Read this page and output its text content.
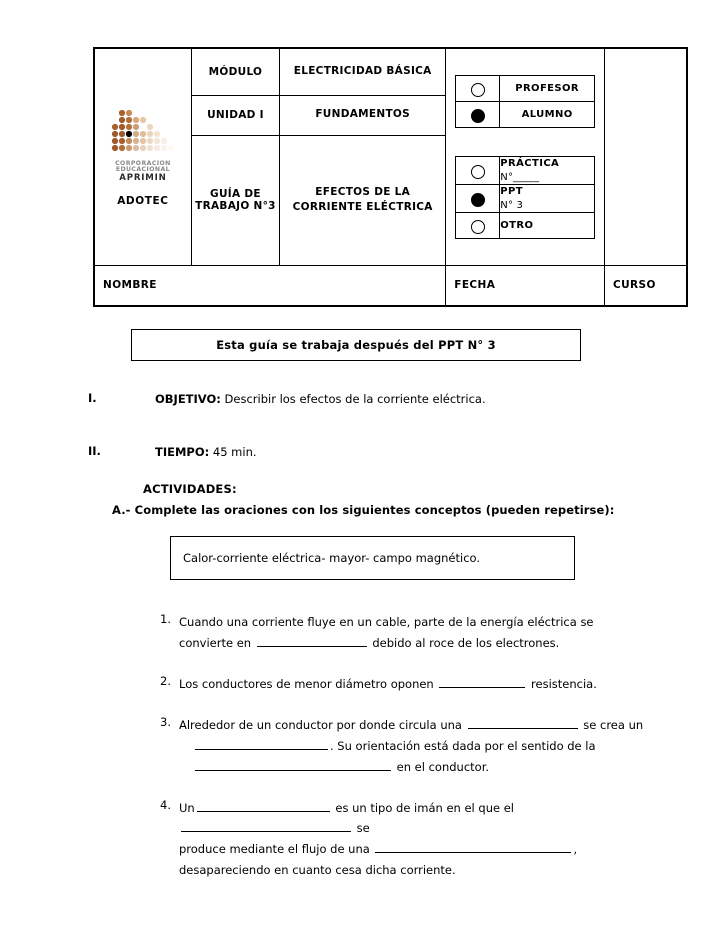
CORPORACION
EDUCACIONAL
APRIMIN
ADOTEC
	MÓDULO	ELECTRICIDAD BÁSICA	
	PROFESOR
	ALUMNO

PRÁCTICA
N°_____

PPT
N° 3

OTRO

UNIDAD I	FUNDAMENTOS
GUÍA DE TRABAJO N°3	EFECTOS DE LA CORRIENTE ELÉCTRICA
NOMBRE	FECHA	CURSO
Esta guía se trabaja después del PPT N° 3
I.	OBJETIVO: Describir los efectos de la corriente eléctrica.
II.	TIEMPO: 45 min.
ACTIVIDADES:
A.- Complete las oraciones con los siguientes conceptos (pueden repetirse):
Calor-corriente eléctrica- mayor- campo magnético.
1. Cuando una corriente fluye en un cable, parte de la energía eléctrica se
convierte en	debido al roce de los electrones.
2. Los conductores de menor diámetro oponen	resistencia.
3. Alrededor de un conductor por donde circula una	se crea un
. Su orientación está dada por el sentido de la
en el conductor.
4. Un	es un tipo de imán en el que el  se
produce mediante el flujo de una	,
desapareciendo en cuanto cesa dicha corriente.
